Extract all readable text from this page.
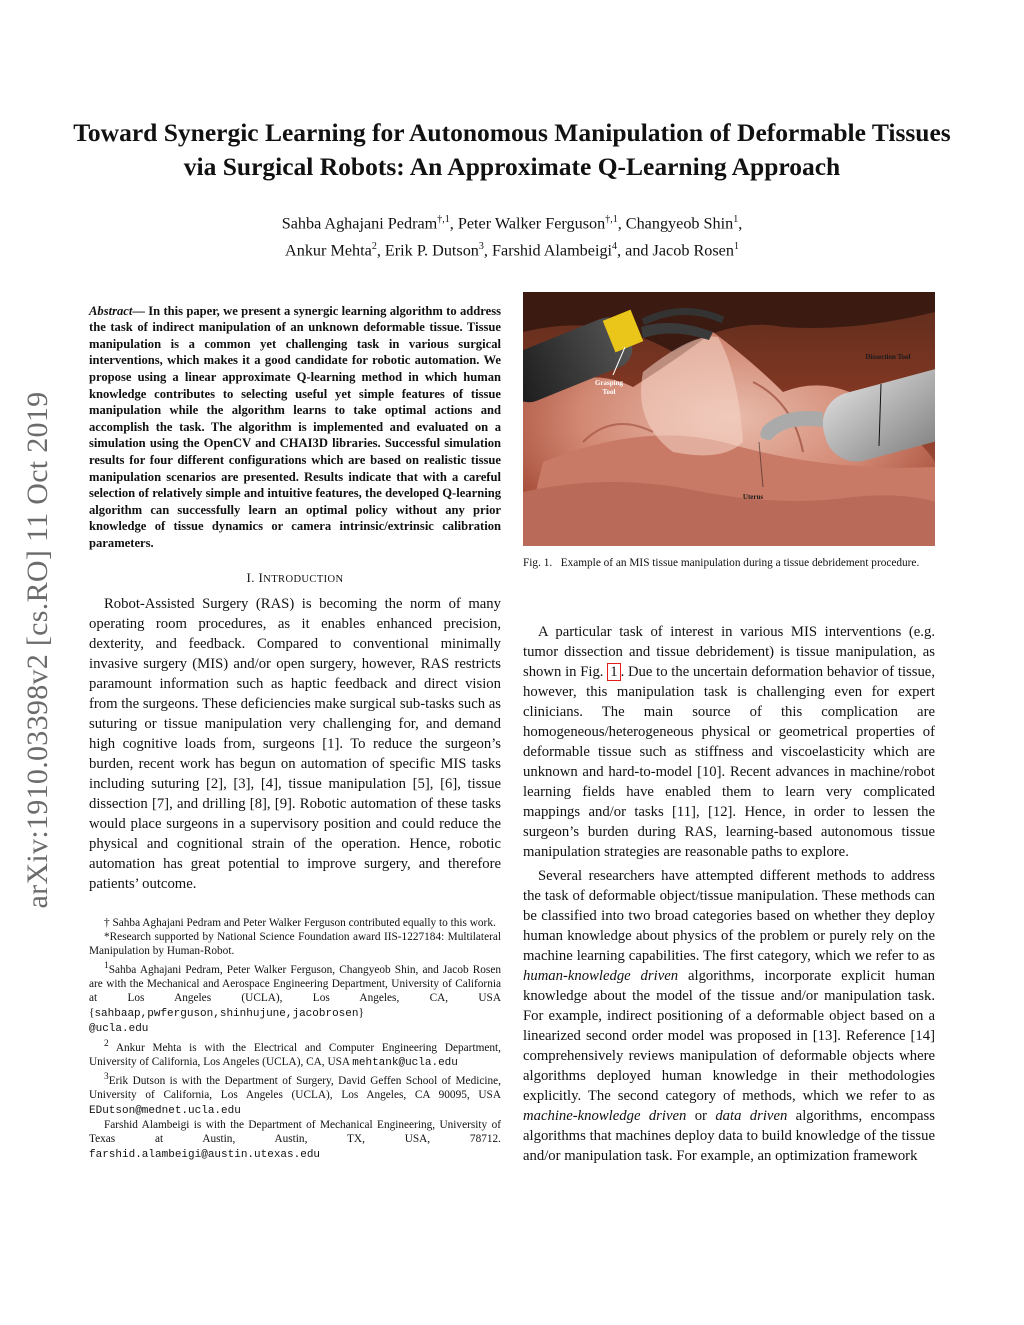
arXiv:1910.03398v2 [cs.RO] 11 Oct 2019
Toward Synergic Learning for Autonomous Manipulation of Deformable Tissues via Surgical Robots: An Approximate Q-Learning Approach
Sahba Aghajani Pedram$^{\dagger,1}$, Peter Walker Ferguson$^{\dagger,1}$, Changyeob Shin$^1$,
Ankur Mehta$^2$, Erik P. Dutson$^3$, Farshid Alambeigi$^4$, and Jacob Rosen$^1$

Abstract— In this paper, we present a synergic learning algorithm to address the task of indirect manipulation of an unknown deformable tissue. Tissue manipulation is a common yet challenging task in various surgical interventions, which makes it a good candidate for robotic automation. We propose using a linear approximate Q-learning method in which human knowledge contributes to selecting useful yet simple features of tissue manipulation while the algorithm learns to take optimal actions and accomplish the task. The algorithm is implemented and evaluated on a simulation using the OpenCV and CHAI3D libraries. Successful simulation results for four different configurations which are based on realistic tissue manipulation scenarios are presented. Results indicate that with a careful selection of relatively simple and intuitive features, the developed Q-learning algorithm can successfully learn an optimal policy without any prior knowledge of tissue dynamics or camera intrinsic/extrinsic calibration parameters.

I. INTRODUCTION

Robot-Assisted Surgery (RAS) is becoming the norm of many operating room procedures, as it enables enhanced precision, dexterity, and feedback. Compared to conventional minimally invasive surgery (MIS) and/or open surgery, however, RAS restricts paramount information such as haptic feedback and direct vision from the surgeons. These deficiencies make surgical sub-tasks such as suturing or tissue manipulation very challenging for, and demand high cognitive loads from, surgeons [1]. To reduce the surgeon’s burden, recent work has begun on automation of specific MIS tasks including suturing [2], [3], [4], tissue manipulation [5], [6], tissue dissection [7], and drilling [8], [9]. Robotic automation of these tasks would place surgeons in a supervisory position and could reduce the physical and cognitional strain of the operation. Hence, robotic automation has great potential to improve surgery, and therefore patients’ outcome.

† Sahba Aghajani Pedram and Peter Walker Ferguson contributed equally to this work.

*Research supported by National Science Foundation award IIS-1227184: Multilateral Manipulation by Human-Robot.

$^1$Sahba Aghajani Pedram, Peter Walker Ferguson, Changyeob Shin, and Jacob Rosen are with the Mechanical and Aerospace Engineering Department, University of California at Los Angeles (UCLA), Los Angeles, CA, USA {sahbaap,pwferguson,shinhujune,jacobrosen}
@ucla.edu

$^2$ Ankur Mehta is with the Electrical and Computer Engineering Department, University of California, Los Angeles (UCLA), CA, USA mehtank@ucla.edu

$^3$Erik Dutson is with the Department of Surgery, David Geffen School of Medicine, University of California, Los Angeles (UCLA), Los Angeles, CA 90095, USA EDutson@mednet.ucla.edu

Farshid Alambeigi is with the Department of Mechanical Engineering, University of Texas at Austin, Austin, TX, USA, 78712. farshid.alambeigi@austin.utexas.edu

Dissection Tool
Grasping Tool
Uterus

Fig. 1. Example of an MIS tissue manipulation during a tissue debridement procedure.

A particular task of interest in various MIS interventions (e.g. tumor dissection and tissue debridement) is tissue manipulation, as shown in Fig. 1 . Due to the uncertain deformation behavior of tissue, however, this manipulation task is challenging even for expert clinicians. The main source of this complication are homogeneous/heterogeneous physical or geometrical properties of deformable tissue such as stiffness and viscoelasticity which are unknown and hard-to-model [10]. Recent advances in machine/robot learning fields have enabled them to learn very complicated mappings and/or tasks [11], [12]. Hence, in order to lessen the surgeon’s burden during RAS, learning-based autonomous tissue manipulation strategies are reasonable paths to explore.

Several researchers have attempted different methods to address the task of deformable object/tissue manipulation. These methods can be classified into two broad categories based on whether they deploy human knowledge about physics of the problem or purely rely on the machine learning capabilities. The first category, which we refer to as human-knowledge driven algorithms, incorporate explicit human knowledge about the model of the tissue and/or manipulation task. For example, indirect positioning of a deformable object based on a linearized second order model was proposed in [13]. Reference [14] comprehensively reviews manipulation of deformable objects where algorithms deployed human knowledge in their methodologies explicitly. The second category of methods, which we refer to as machine-knowledge driven or data driven algorithms, encompass algorithms that machines deploy data to build knowledge of the tissue and/or manipulation task. For example, an optimization framework
